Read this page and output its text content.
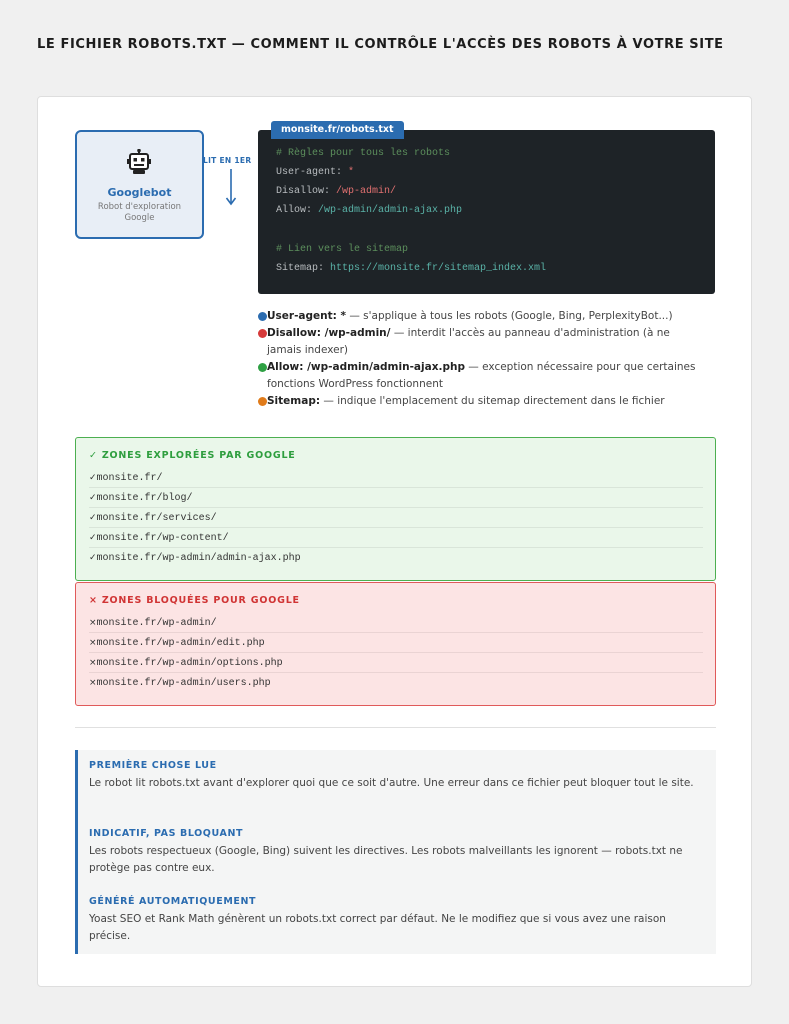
LE FICHIER ROBOTS.TXT — COMMENT IL CONTRÔLE L'ACCÈS DES ROBOTS À VOTRE SITE
Googlebot
Robot d'exploration Google
LIT EN 1ER
monsite.fr/robots.txt
# Règles pour tous les robots
User-agent: *
Disallow: /wp-admin/
Allow: /wp-admin/admin-ajax.php
# Lien vers le sitemap
Sitemap: https://monsite.fr/sitemap_index.xml
User-agent: * — s'applique à tous les robots (Google, Bing, PerplexityBot...)
Disallow: /wp-admin/ — interdit l'accès au panneau d'administration (à ne jamais indexer)
Allow: /wp-admin/admin-ajax.php — exception nécessaire pour que certaines fonctions WordPress fonctionnent
Sitemap: — indique l'emplacement du sitemap directement dans le fichier
✓ ZONES EXPLORÉES PAR GOOGLE
✓monsite.fr/
✓monsite.fr/blog/
✓monsite.fr/services/
✓monsite.fr/wp-content/
✓monsite.fr/wp-admin/admin-ajax.php
× ZONES BLOQUÉES POUR GOOGLE
×monsite.fr/wp-admin/
×monsite.fr/wp-admin/edit.php
×monsite.fr/wp-admin/options.php
×monsite.fr/wp-admin/users.php
PREMIÈRE CHOSE LUE
Le robot lit robots.txt avant d'explorer quoi que ce soit d'autre. Une erreur dans ce fichier peut bloquer tout le site.
INDICATIF, PAS BLOQUANT
Les robots respectueux (Google, Bing) suivent les directives. Les robots malveillants les ignorent — robots.txt ne protège pas contre eux.
GÉNÉRÉ AUTOMATIQUEMENT
Yoast SEO et Rank Math génèrent un robots.txt correct par défaut. Ne le modifiez que si vous avez une raison précise.
